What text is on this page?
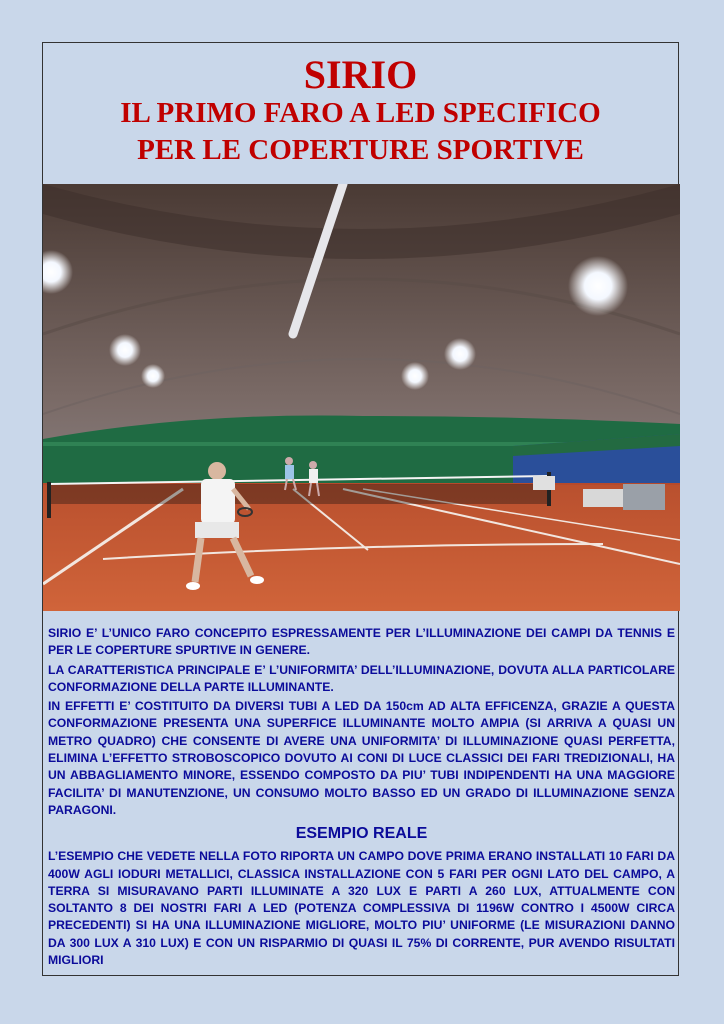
SIRIO
IL PRIMO FARO A LED SPECIFICO
PER LE COPERTURE SPORTIVE

SIRIO E’ L’UNICO FARO CONCEPITO ESPRESSAMENTE PER L’ILLUMINAZIONE DEI CAMPI DA TENNIS E PER LE COPERTURE SPURTIVE IN GENERE.

LA CARATTERISTICA PRINCIPALE E’ L’UNIFORMITA’ DELL’ILLUMINAZIONE, DOVUTA ALLA PARTICOLARE CONFORMAZIONE DELLA PARTE ILLUMINANTE.

IN EFFETTI E’ COSTITUITO DA DIVERSI TUBI A LED DA 150cm AD ALTA EFFICENZA, GRAZIE A QUESTA CONFORMAZIONE PRESENTA UNA SUPERFICE ILLUMINANTE MOLTO AMPIA (SI ARRIVA A QUASI UN METRO QUADRO) CHE CONSENTE DI AVERE UNA UNIFORMITA’ DI ILLUMINAZIONE QUASI PERFETTA, ELIMINA L’EFFETTO STROBOSCOPICO DOVUTO AI CONI DI LUCE CLASSICI DEI FARI TREDIZIONALI, HA UN ABBAGLIAMENTO MINORE, ESSENDO COMPOSTO DA PIU’ TUBI INDIPENDENTI HA UNA MAGGIORE FACILITA’ DI MANUTENZIONE, UN CONSUMO MOLTO BASSO ED UN GRADO DI ILLUMINAZIONE SENZA PARAGONI.

ESEMPIO REALE

L’ESEMPIO CHE VEDETE NELLA FOTO RIPORTA UN CAMPO DOVE PRIMA ERANO INSTALLATI 10 FARI DA 400W AGLI IODURI METALLICI, CLASSICA INSTALLAZIONE CON 5 FARI PER OGNI LATO DEL CAMPO, A TERRA SI MISURAVANO PARTI ILLUMINATE A 320 LUX E PARTI A 260 LUX, ATTUALMENTE CON SOLTANTO 8 DEI NOSTRI FARI A LED (POTENZA COMPLESSIVA DI 1196W CONTRO I 4500W CIRCA PRECEDENTI) SI HA UNA ILLUMINAZIONE MIGLIORE, MOLTO PIU’ UNIFORME (LE MISURAZIONI DANNO DA 300 LUX A 310 LUX) E CON UN RISPARMIO DI QUASI IL 75% DI CORRENTE, PUR AVENDO RISULTATI MIGLIORI
